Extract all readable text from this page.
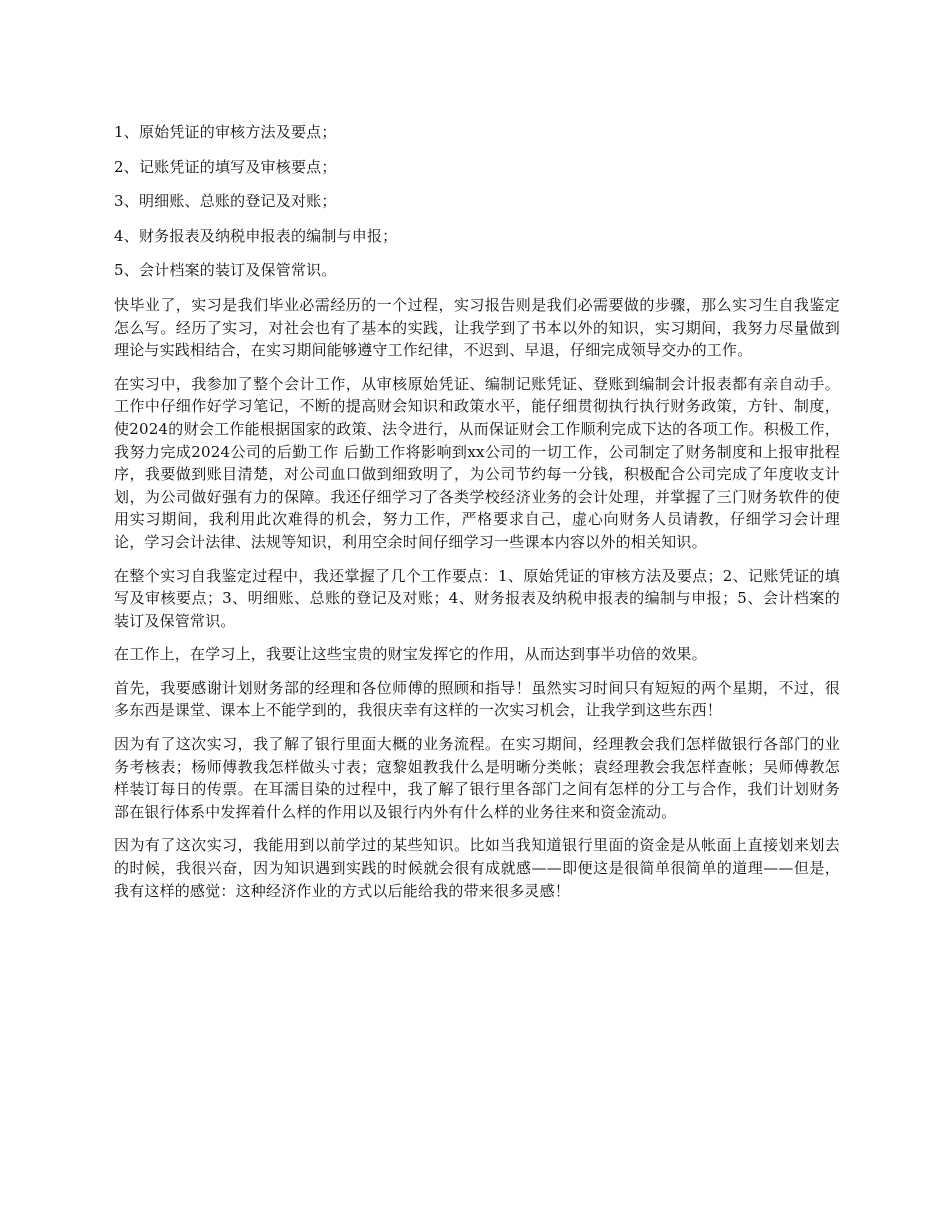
1、原始凭证的审核方法及要点；
2、记账凭证的填写及审核要点；
3、明细账、总账的登记及对账；
4、财务报表及纳税申报表的编制与申报；
5、会计档案的装订及保管常识。

快毕业了，实习是我们毕业必需经历的一个过程，实习报告则是我们必需要做的步骤，那么实习生自我鉴定怎么写。经历了实习，对社会也有了基本的实践，让我学到了书本以外的知识，实习期间，我努力尽量做到理论与实践相结合，在实习期间能够遵守工作纪律，不迟到、早退，仔细完成领导交办的工作。

在实习中，我参加了整个会计工作，从审核原始凭证、编制记账凭证、登账到编制会计报表都有亲自动手。工作中仔细作好学习笔记，不断的提高财会知识和政策水平，能仔细贯彻执行执行财务政策，方针、制度，使2024的财会工作能根据国家的政策、法令进行，从而保证财会工作顺利完成下达的各项工作。积极工作，我努力完成2024公司的后勤工作 后勤工作将影响到xx公司的一切工作，公司制定了财务制度和上报审批程序，我要做到账目清楚，对公司血口做到细致明了，为公司节约每一分钱，积极配合公司完成了年度收支计划，为公司做好强有力的保障。我还仔细学习了各类学校经济业务的会计处理，并掌握了三门财务软件的使用实习期间，我利用此次难得的机会，努力工作，严格要求自己，虚心向财务人员请教，仔细学习会计理论，学习会计法律、法规等知识，利用空余时间仔细学习一些课本内容以外的相关知识。

在整个实习自我鉴定过程中，我还掌握了几个工作要点：1、原始凭证的审核方法及要点；2、记账凭证的填写及审核要点；3、明细账、总账的登记及对账；4、财务报表及纳税申报表的编制与申报；5、会计档案的装订及保管常识。

在工作上，在学习上，我要让这些宝贵的财宝发挥它的作用，从而达到事半功倍的效果。

首先，我要感谢计划财务部的经理和各位师傅的照顾和指导！虽然实习时间只有短短的两个星期，不过，很多东西是课堂、课本上不能学到的，我很庆幸有这样的一次实习机会，让我学到这些东西！

因为有了这次实习，我了解了银行里面大概的业务流程。在实习期间，经理教会我们怎样做银行各部门的业务考核表；杨师傅教我怎样做头寸表；寇黎姐教我什么是明晰分类帐；袁经理教会我怎样查帐；吴师傅教怎样装订每日的传票。在耳濡目染的过程中，我了解了银行里各部门之间有怎样的分工与合作，我们计划财务部在银行体系中发挥着什么样的作用以及银行内外有什么样的业务往来和资金流动。

因为有了这次实习，我能用到以前学过的某些知识。比如当我知道银行里面的资金是从帐面上直接划来划去的时候，我很兴奋，因为知识遇到实践的时候就会很有成就感——即便这是很简单很简单的道理——但是，我有这样的感觉：这种经济作业的方式以后能给我的带来很多灵感！
